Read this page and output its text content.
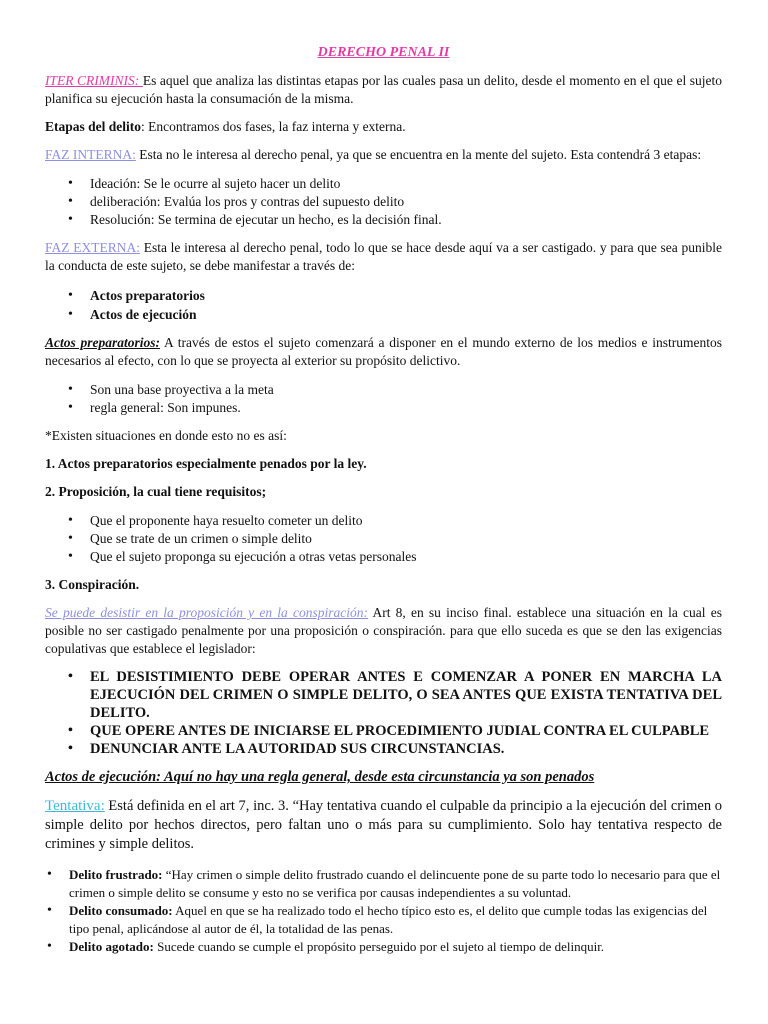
DERECHO PENAL II

ITER CRIMINIS: Es aquel que analiza las distintas etapas por las cuales pasa un delito, desde el momento en el que el sujeto planifica su ejecución hasta la consumación de la misma.

Etapas del delito: Encontramos dos fases, la faz interna y externa.

FAZ INTERNA: Esta no le interesa al derecho penal, ya que se encuentra en la mente del sujeto. Esta contendrá 3 etapas:

• Ideación: Se le ocurre al sujeto hacer un delito
• deliberación: Evalúa los pros y contras del supuesto delito
• Resolución: Se termina de ejecutar un hecho, es la decisión final.

FAZ EXTERNA: Esta le interesa al derecho penal, todo lo que se hace desde aquí va a ser castigado. y para que sea punible la conducta de este sujeto, se debe manifestar a través de:

• Actos preparatorios
• Actos de ejecución

Actos preparatorios: A través de estos el sujeto comenzará a disponer en el mundo externo de los medios e instrumentos necesarios al efecto, con lo que se proyecta al exterior su propósito delictivo.

• Son una base proyectiva a la meta
• regla general: Son impunes.

*Existen situaciones en donde esto no es así:

1. Actos preparatorios especialmente penados por la ley.

2. Proposición, la cual tiene requisitos;

• Que el proponente haya resuelto cometer un delito
• Que se trate de un crimen o simple delito
• Que el sujeto proponga su ejecución a otras vetas personales

3. Conspiración.

Se puede desistir en la proposición y en la conspiración: Art 8, en su inciso final. establece una situación en la cual es posible no ser castigado penalmente por una proposición o conspiración. para que ello suceda es que se den las exigencias copulativas que establece el legislador:

• EL DESISTIMIENTO DEBE OPERAR ANTES E COMENZAR A PONER EN MARCHA LA EJECUCIÓN DEL CRIMEN O SIMPLE DELITO, O SEA ANTES QUE EXISTA TENTATIVA DEL DELITO.
• QUE OPERE ANTES DE INICIARSE EL PROCEDIMIENTO JUDIAL CONTRA EL CULPABLE
• DENUNCIAR ANTE LA AUTORIDAD SUS CIRCUNSTANCIAS.

Actos de ejecución: Aquí no hay una regla general, desde esta circunstancia ya son penados

Tentativa: Está definida en el art 7, inc. 3. “Hay tentativa cuando el culpable da principio a la ejecución del crimen o simple delito por hechos directos, pero faltan uno o más para su cumplimiento. Solo hay tentativa respecto de crimines y simple delitos.

• Delito frustrado: “Hay crimen o simple delito frustrado cuando el delincuente pone de su parte todo lo necesario para que el crimen o simple delito se consume y esto no se verifica por causas independientes a su voluntad.
• Delito consumado: Aquel en que se ha realizado todo el hecho típico esto es, el delito que cumple todas las exigencias del tipo penal, aplicándose al autor de él, la totalidad de las penas.
• Delito agotado: Sucede cuando se cumple el propósito perseguido por el sujeto al tiempo de delinquir.
